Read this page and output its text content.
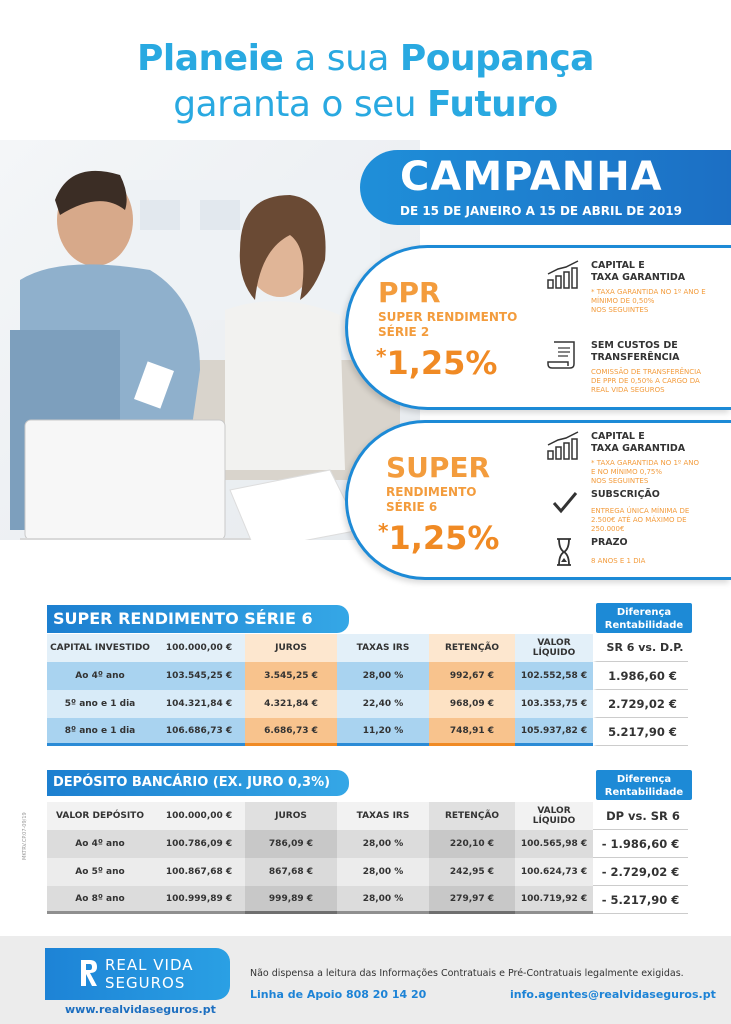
Planeie a sua Poupança
garanta o seu Futuro
CAMPANHA
DE 15 DE JANEIRO A 15 DE ABRIL DE 2019
PPR
SUPER RENDIMENTO
SÉRIE 2
*1,25%
CAPITAL E
TAXA GARANTIDA
* TAXA GARANTIDA NO 1º ANO E
MÍNIMO DE 0,50%
NOS SEGUINTES
SEM CUSTOS DE
TRANSFERÊNCIA
COMISSÃO DE TRANSFERÊNCIA
DE PPR DE 0,50% A CARGO DA
REAL VIDA SEGUROS
SUPER
RENDIMENTO
SÉRIE 6
*1,25%
CAPITAL E
TAXA GARANTIDA
* TAXA GARANTIDA NO 1º ANO
E NO MÍNIMO 0,75%
NOS SEGUINTES
SUBSCRIÇÃO
ENTREGA ÚNICA MÍNIMA DE
2.500€ ATÉ AO MÁXIMO DE
250.000€
PRAZO
8 ANOS E 1 DIA
SUPER RENDIMENTO SÉRIE 6	Diferença
Rentabilidade
CAPITAL INVESTIDO	100.000,00 €	JUROS	TAXAS IRS	RETENÇÃO	VALOR LÍQUIDO	SR 6 vs. D.P.
Ao 4º ano	103.545,25 €	3.545,25 €	28,00 %	992,67 €	102.552,58 €	1.986,60 €
5º ano e 1 dia	104.321,84 €	4.321,84 €	22,40 %	968,09 €	103.353,75 €	2.729,02 €
8º ano e 1 dia	106.686,73 €	6.686,73 €	11,20 %	748,91 €	105.937,82 €	5.217,90 €
DEPÓSITO BANCÁRIO (EX. JURO 0,3%)	Diferença
Rentabilidade
VALOR DEPÓSITO	100.000,00 €	JUROS	TAXAS IRS	RETENÇÃO	VALOR LÍQUIDO	DP vs. SR 6
Ao 4º ano	100.786,09 €	786,09 €	28,00 %	220,10 €	100.565,98 €	- 1.986,60 €
Ao 5º ano	100.867,68 €	867,68 €	28,00 %	242,95 €	100.624,73 €	- 2.729,02 €
Ao 8º ano	100.999,89 €	999,89 €	28,00 %	279,97 €	100.719,92 €	- 5.217,90 €
MKTRV.CP.07-09/19
REAL VIDA
SEGUROS
www.realvidaseguros.pt
Não dispensa a leitura das Informações Contratuais e Pré-Contratuais legalmente exigidas.
Linha de Apoio 808 20 14 20	info.agentes@realvidaseguros.pt
